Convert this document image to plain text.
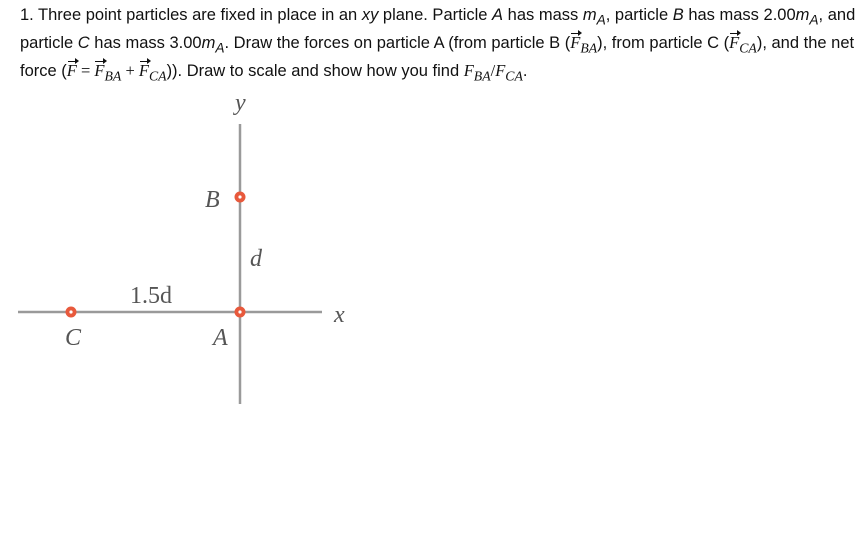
1. Three point particles are fixed in place in an xy plane. Particle A has mass $m_A$, particle B has mass $2.00m_A$, and particle C has mass $3.00m_A$. Draw the forces on particle A (from particle B $(F_{BA})$, from particle C $(F_{CA})$, and the net force $(F = F_{BA} + F_{CA})$). Draw to scale and show how you find $F_{BA}/F_{CA}$.

y
x
B
A
C
d
1.5d
